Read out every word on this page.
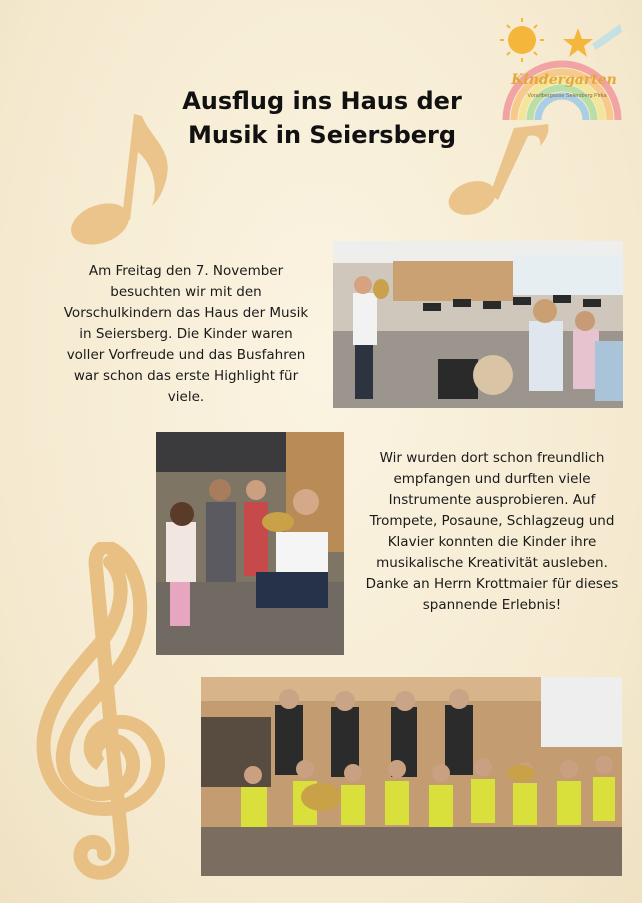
Kindergarten
Vorarlbergasse Seiersberg Pirka
Ausflug ins Haus der Musik in Seiersberg
Am Freitag den 7. November besuchten wir mit den Vorschulkindern das Haus der Musik in Seiersberg. Die Kinder waren voller Vorfreude und das Busfahren war schon das erste Highlight für viele.
Wir wurden dort schon freundlich empfangen und durften viele Instrumente ausprobieren. Auf Trompete, Posaune, Schlagzeug und Klavier konnten die Kinder ihre musikalische Kreativität ausleben.
Danke an Herrn Krottmaier für dieses spannende Erlebnis!
